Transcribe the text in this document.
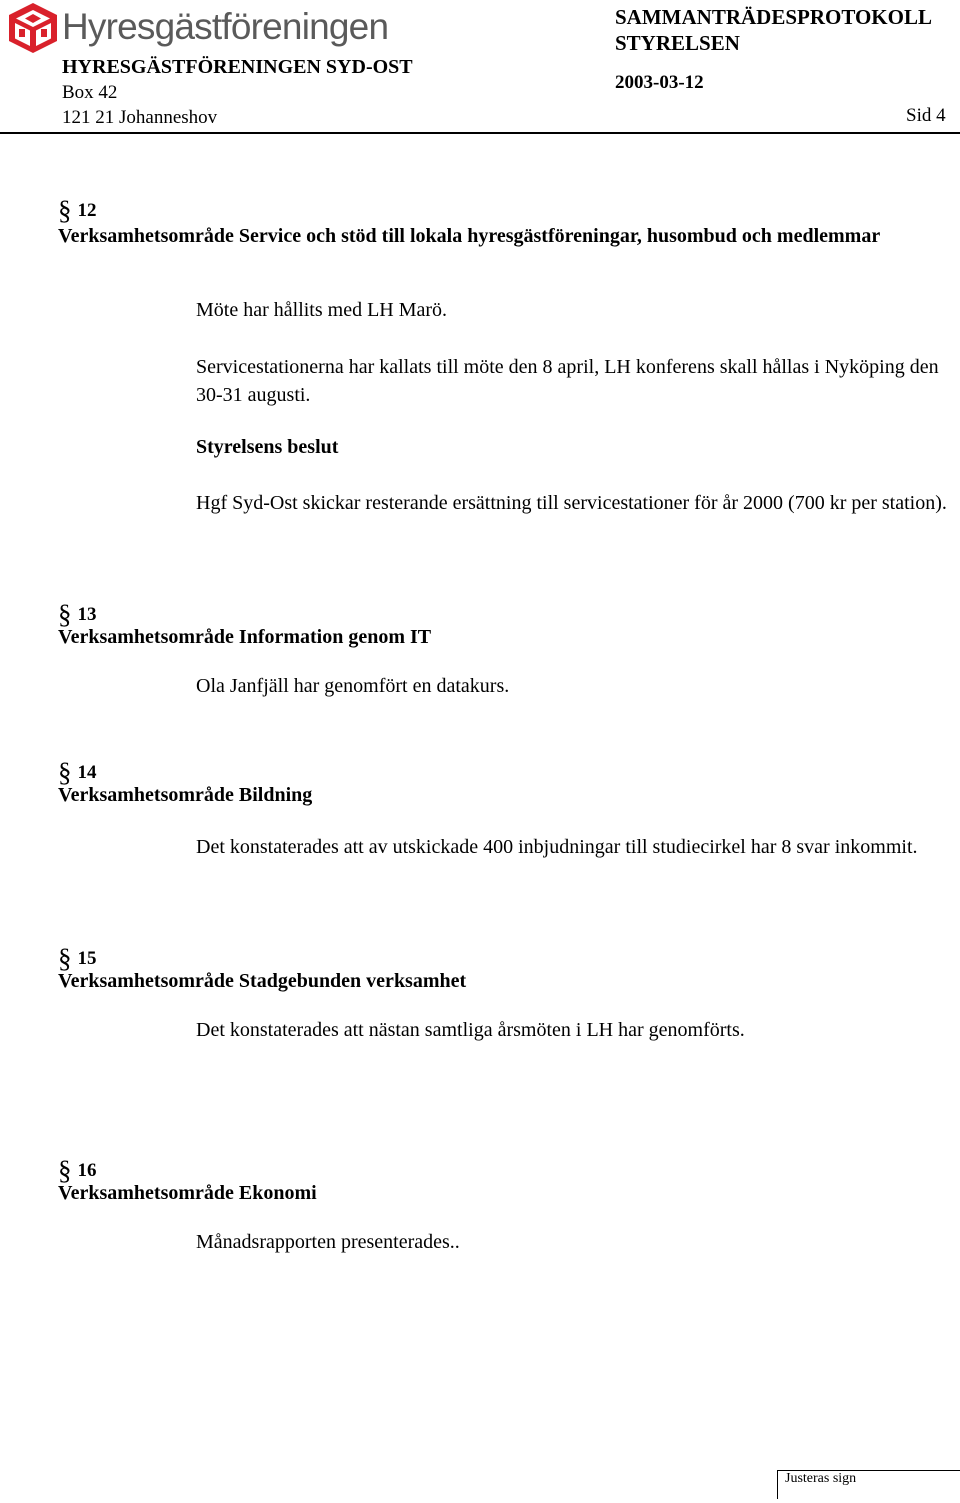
Hyresgästföreningen
HYRESGÄSTFÖRENINGEN SYD-OST
Box 42
121 21 Johanneshov
SAMMANTRÄDESPROTOKOLL
STYRELSEN
2003-03-12
Sid 4
§ 12
Verksamhetsområde Service och stöd till lokala hyresgästföreningar, husombud och medlemmar
Möte har hållits med LH Marö.
Servicestationerna har kallats till möte den 8 april, LH konferens skall hållas i Nyköping den 30-31 augusti.
Styrelsens beslut
Hgf Syd-Ost skickar resterande ersättning till servicestationer för år 2000 (700 kr per station).
§ 13
Verksamhetsområde Information genom IT
Ola Janfjäll har genomfört en datakurs.
§ 14
Verksamhetsområde Bildning
Det konstaterades att av utskickade 400 inbjudningar till studiecirkel har 8 svar inkommit.
§ 15
Verksamhetsområde Stadgebunden verksamhet
Det konstaterades att nästan samtliga årsmöten i LH har genomförts.
§ 16
Verksamhetsområde Ekonomi
Månadsrapporten presenterades..
Justeras sign
